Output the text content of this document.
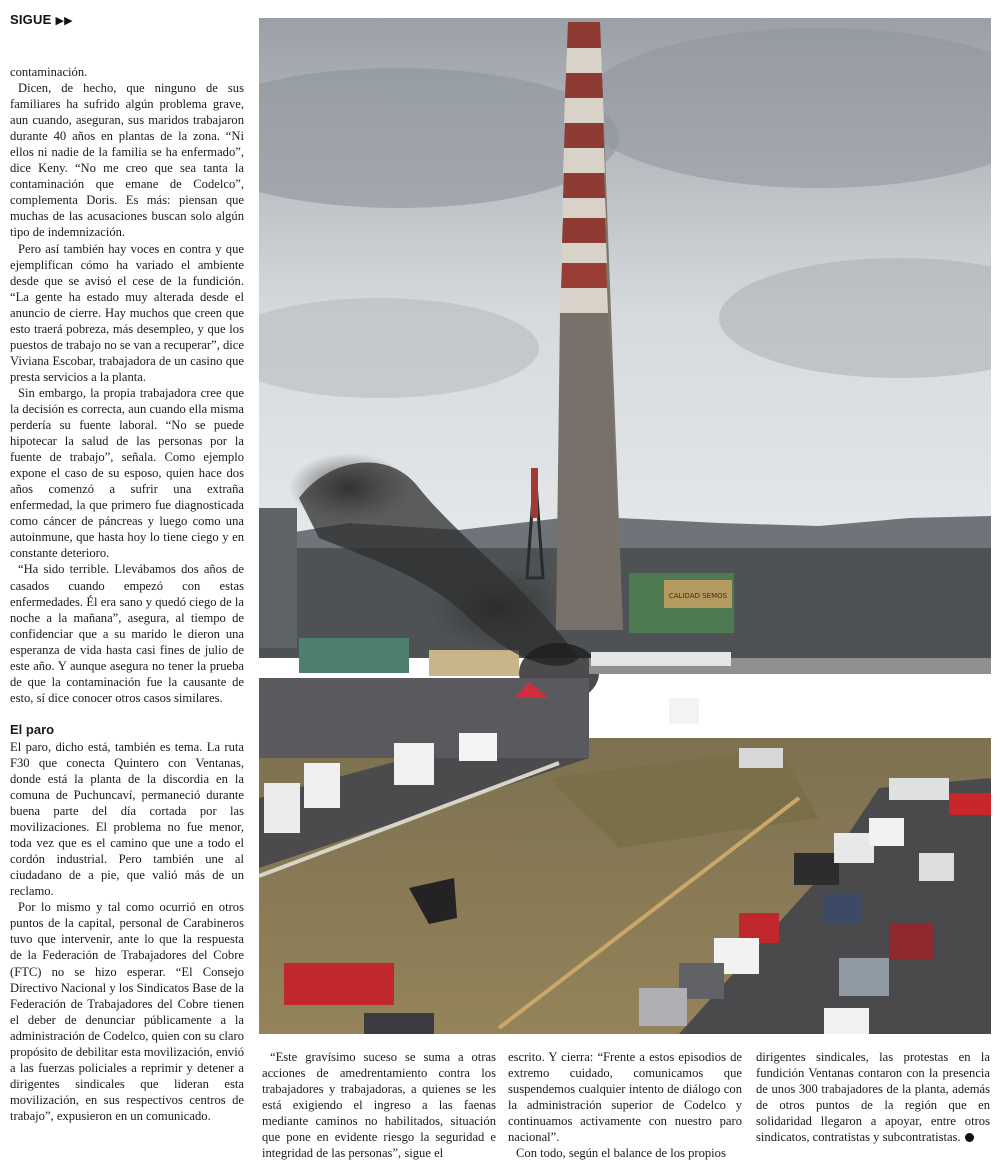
SIGUE ▶▶

contaminación.

Dicen, de hecho, que ninguno de sus familiares ha sufrido algún problema grave, aun cuando, aseguran, sus maridos trabajaron durante 40 años en plantas de la zona. “Ni ellos ni nadie de la familia se ha enfermado”, dice Keny. “No me creo que sea tanta la contaminación que emane de Codelco”, complementa Doris. Es más: piensan que muchas de las acusaciones buscan solo algún tipo de indemnización.

Pero así también hay voces en contra y que ejemplifican cómo ha variado el ambiente desde que se avisó el cese de la fundición. “La gente ha estado muy alterada desde el anuncio de cierre. Hay muchos que creen que esto traerá pobreza, más desempleo, y que los puestos de trabajo no se van a recuperar”, dice Viviana Escobar, trabajadora de un casino que presta servicios a la planta.

Sin embargo, la propia trabajadora cree que la decisión es correcta, aun cuando ella misma perdería su fuente laboral. “No se puede hipotecar la salud de las personas por la fuente de trabajo”, señala. Como ejemplo expone el caso de su esposo, quien hace dos años comenzó a sufrir una extraña enfermedad, la que primero fue diagnosticada como cáncer de páncreas y luego como una autoinmune, que hasta hoy lo tiene ciego y en constante deterioro.

“Ha sido terrible. Llevábamos dos años de casados cuando empezó con estas enfermedades. Él era sano y quedó ciego de la noche a la mañana”, asegura, al tiempo de confidenciar que a su marido le dieron una esperanza de vida hasta casi fines de julio de este año. Y aunque asegura no tener la prueba de que la contaminación fue la causante de esto, sí dice conocer otros casos similares.

El paro

El paro, dicho está, también es tema. La ruta F30 que conecta Quintero con Ventanas, donde está la planta de la discordia en la comuna de Puchuncaví, permaneció durante buena parte del día cortada por las movilizaciones. El problema no fue menor, toda vez que es el camino que une a todo el cordón industrial. Pero también une al ciudadano de a pie, que valió más de un reclamo.

Por lo mismo y tal como ocurrió en otros puntos de la capital, personal de Carabineros tuvo que intervenir, ante lo que la respuesta de la Federación de Trabajadores del Cobre (FTC) no se hizo esperar. “El Consejo Directivo Nacional y los Sindicatos Base de la Federación de Trabajadores del Cobre tienen el deber de denunciar públicamente a la administración de Codelco, quien con su claro propósito de debilitar esta movilización, envió a las fuerzas policiales a reprimir y detener a dirigentes sindicales que lideran esta movilización, en sus respectivos centros de trabajo”, expusieron en un comunicado.

“Este gravísimo suceso se suma a otras acciones de amedrentamiento contra los trabajadores y trabajadoras, a quienes se les está exigiendo el ingreso a las faenas mediante caminos no habilitados, situación que pone en evidente riesgo la seguridad e integridad de las personas”, sigue el

escrito. Y cierra: “Frente a estos episodios de extremo cuidado, comunicamos que suspendemos cualquier intento de diálogo con la administración superior de Codelco y continuamos activamente con nuestro paro nacional”.

Con todo, según el balance de los propios

dirigentes sindicales, las protestas en la fundición Ventanas contaron con la presencia de unos 300 trabajadores de la planta, además de otros puntos de la región que en solidaridad llegaron a apoyar, entre otros sindicatos, contratistas y subcontratistas.

CALIDAD SEMOS
